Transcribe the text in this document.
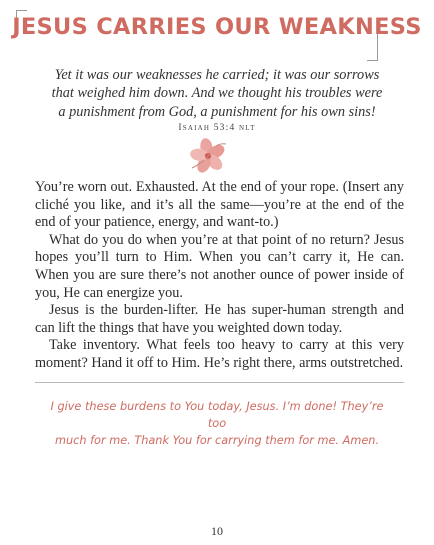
JESUS CARRIES OUR WEAKNESS
Yet it was our weaknesses he carried; it was our sorrows
that weighed him down. And we thought his troubles were
a punishment from God, a punishment for his own sins!
Isaiah 53:4 nlt

You’re worn out. Exhausted. At the end of your rope. (Insert any cliché you like, and it’s all the same—you’re at the end of the end of your patience, energy, and want-to.)

What do you do when you’re at that point of no return? Jesus hopes you’ll turn to Him. When you can’t carry it, He can. When you are sure there’s not another ounce of power inside of you, He can energize you.

Jesus is the burden-lifter. He has super-human strength and can lift the things that have you weighted down today.

Take inventory. What feels too heavy to carry at this very moment? Hand it off to Him. He’s right there, arms outstretched.

I give these burdens to You today, Jesus. I’m done! They’re too
much for me. Thank You for carrying them for me. Amen.
10
